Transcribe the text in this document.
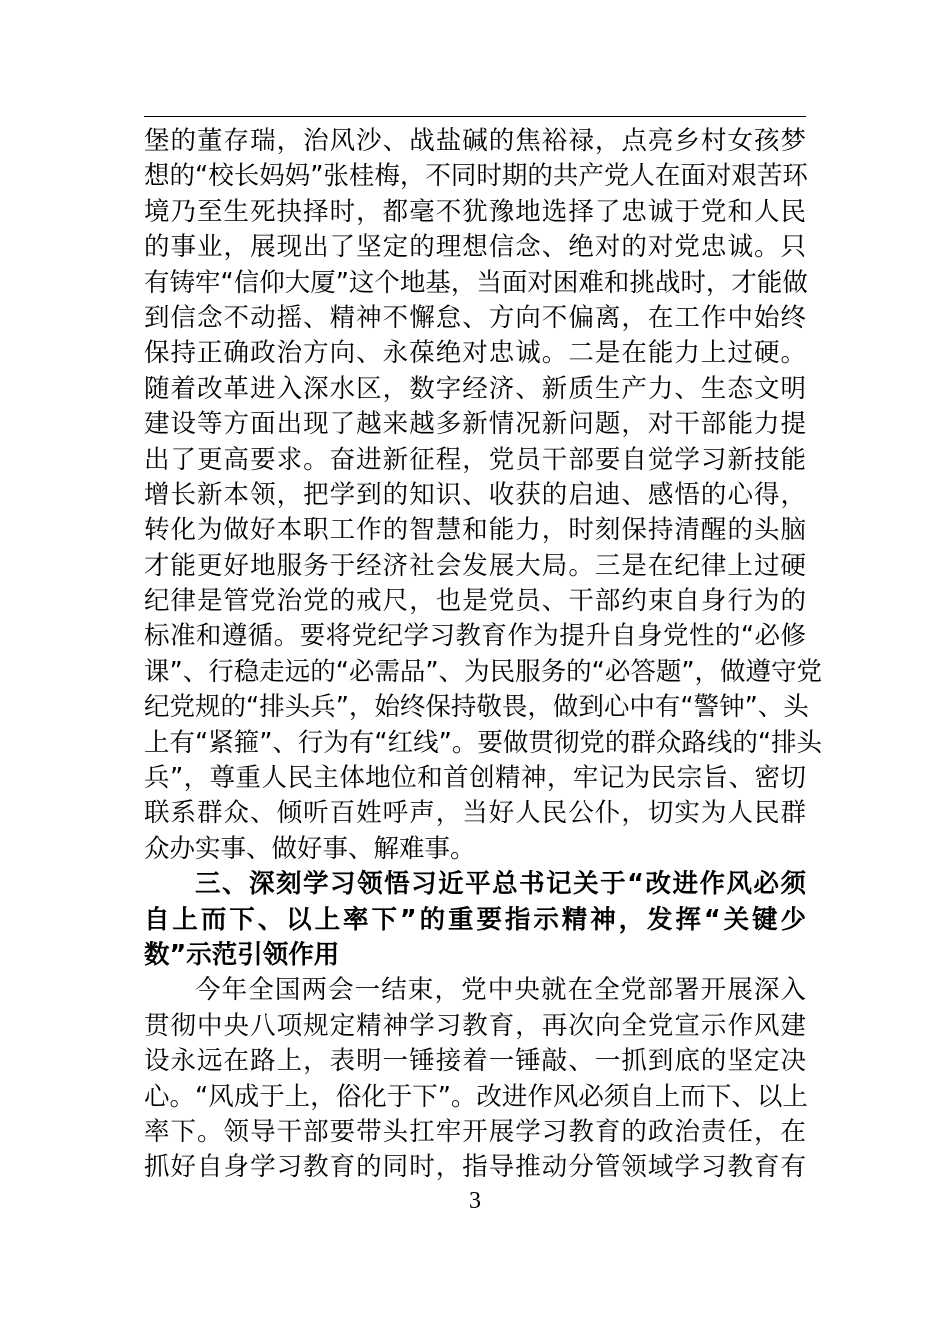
堡的董存瑞，治风沙、战盐碱的焦裕禄，点亮乡村女孩梦
想的“校长妈妈”张桂梅，不同时期的共产党人在面对艰苦环
境乃至生死抉择时，都毫不犹豫地选择了忠诚于党和人民
的事业，展现出了坚定的理想信念、绝对的对党忠诚。只
有铸牢“信仰大厦”这个地基，当面对困难和挑战时，才能做
到信念不动摇、精神不懈怠、方向不偏离，在工作中始终
保持正确政治方向、永葆绝对忠诚。二是在能力上过硬。
随着改革进入深水区，数字经济、新质生产力、生态文明
建设等方面出现了越来越多新情况新问题，对干部能力提
出了更高要求。奋进新征程，党员干部要自觉学习新技能
增长新本领，把学到的知识、收获的启迪、感悟的心得，
转化为做好本职工作的智慧和能力，时刻保持清醒的头脑
才能更好地服务于经济社会发展大局。三是在纪律上过硬
纪律是管党治党的戒尺，也是党员、干部约束自身行为的
标准和遵循。要将党纪学习教育作为提升自身党性的“必修
课”、行稳走远的“必需品”、为民服务的“必答题”，做遵守党
纪党规的“排头兵”，始终保持敬畏，做到心中有“警钟”、头
上有“紧箍”、行为有“红线”。要做贯彻党的群众路线的“排头
兵”，尊重人民主体地位和首创精神，牢记为民宗旨、密切
联系群众、倾听百姓呼声，当好人民公仆，切实为人民群
众办实事、做好事、解难事。
三、深刻学习领悟习近平总书记关于“改进作风必须
自上而下、以上率下”的重要指示精神，发挥“关键少
数”示范引领作用
今年全国两会一结束，党中央就在全党部署开展深入
贯彻中央八项规定精神学习教育，再次向全党宣示作风建
设永远在路上，表明一锤接着一锤敲、一抓到底的坚定决
心。“风成于上，俗化于下”。改进作风必须自上而下、以上
率下。领导干部要带头扛牢开展学习教育的政治责任，在
抓好自身学习教育的同时，指导推动分管领域学习教育有
3
